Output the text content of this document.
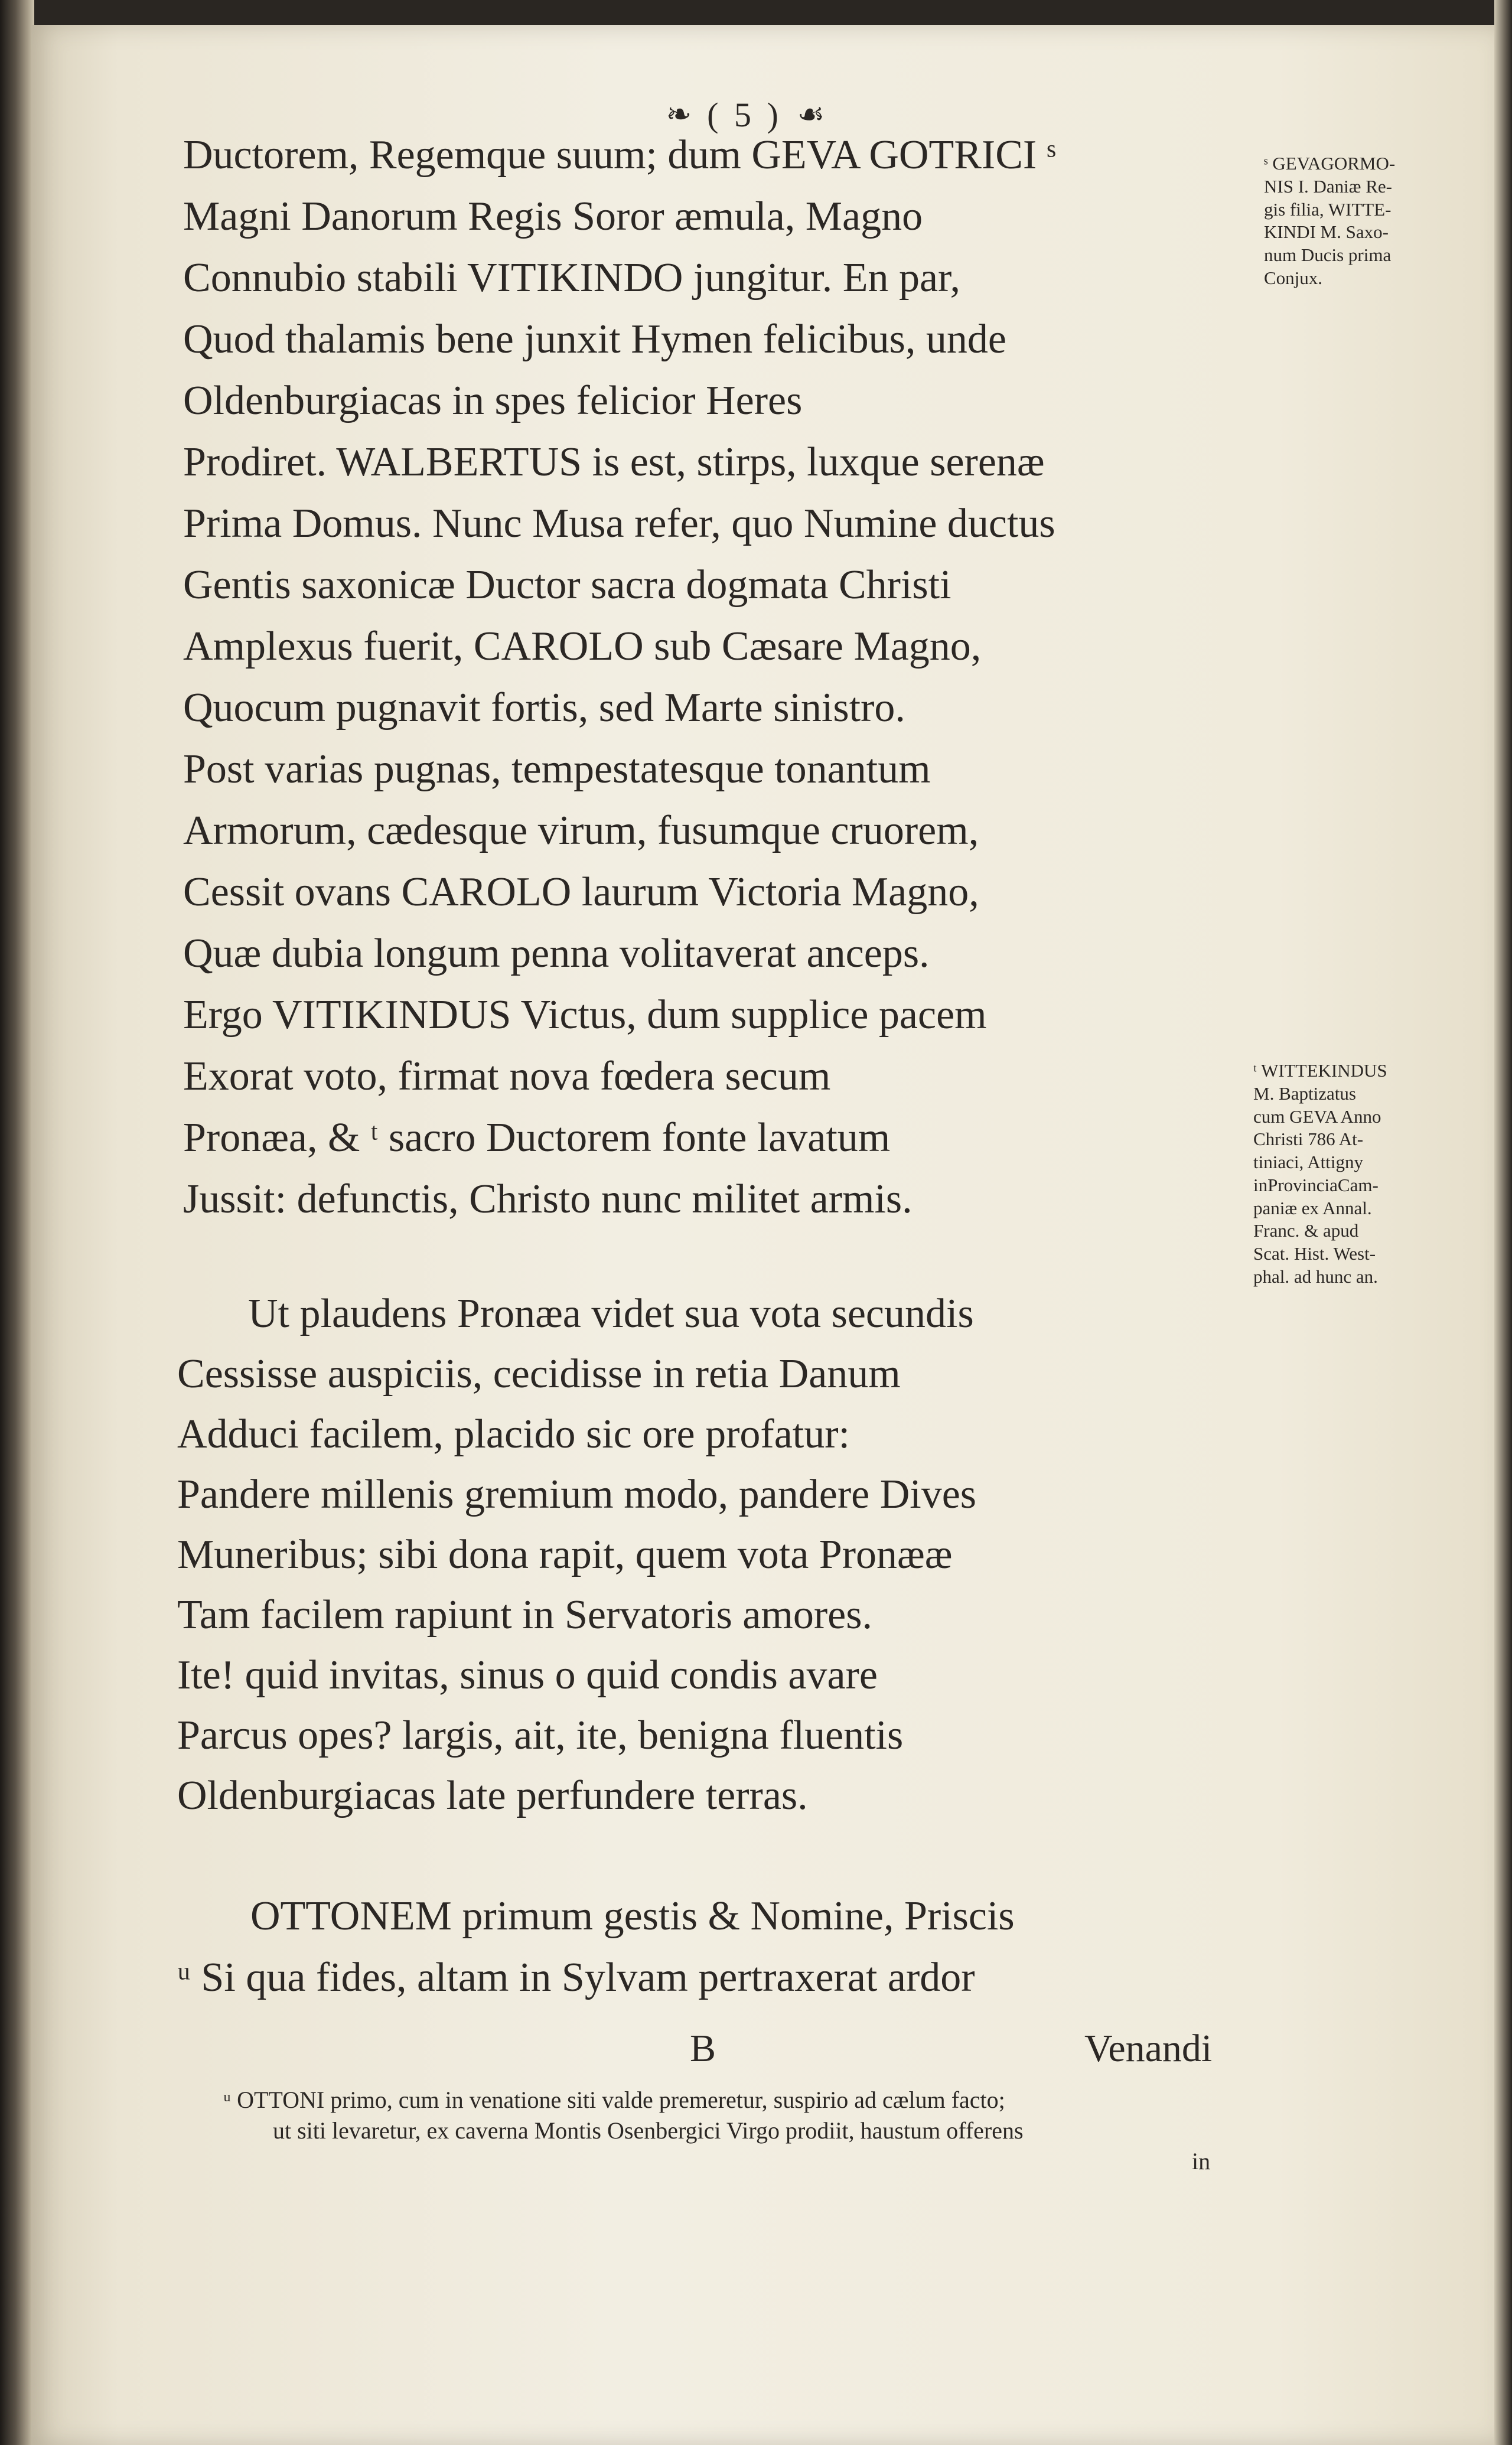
❧ ( 5 ) ☙
Ductorem, Regemque suum; dum GEVA GOTRICI ˢ
Magni Danorum Regis Soror æmula, Magno
Connubio stabili VITIKINDO jungitur. En par,
Quod thalamis bene junxit Hymen felicibus, unde
Oldenburgiacas in spes felicior Heres
Prodiret. WALBERTUS is est, stirps, luxque serenæ
Prima Domus. Nunc Musa refer, quo Numine ductus
Gentis saxonicæ Ductor sacra dogmata Christi
Amplexus fuerit, CAROLO sub Cæsare Magno,
Quocum pugnavit fortis, sed Marte sinistro.
Post varias pugnas, tempestatesque tonantum
Armorum, cædesque virum, fusumque cruorem,
Cessit ovans CAROLO laurum Victoria Magno,
Quæ dubia longum penna volitaverat anceps.
Ergo VITIKINDUS Victus, dum supplice pacem
Exorat voto, firmat nova fœdera secum
Pronæa, & ᵗ sacro Ductorem fonte lavatum
Jussit: defunctis, Christo nunc militet armis.
Ut plaudens Pronæa videt sua vota secundis
Cessisse auspiciis, cecidisse in retia Danum
Adduci facilem, placido sic ore profatur:
Pandere millenis gremium modo, pandere Dives
Muneribus; sibi dona rapit, quem vota Pronææ
Tam facilem rapiunt in Servatoris amores.
Ite! quid invitas, sinus o quid condis avare
Parcus opes? largis, ait, ite, benigna fluentis
Oldenburgiacas late perfundere terras.
OTTONEM primum gestis & Nomine, Priscis
ᵘ Si qua fides, altam in Sylvam pertraxerat ardor
ˢ GEVAGORMO-
NIS I. Daniæ Re-
gis filia, WITTE-
KINDI M. Saxo-
num Ducis prima
Conjux.
ᵗ WITTEKINDUS
M. Baptizatus
cum GEVA Anno
Christi 786 At-
tiniaci, Attigny
inProvinciaCam-
paniæ ex Annal.
Franc. & apud
Scat. Hist. West-
phal. ad hunc an.
B	Venandi
ᵘ OTTONI primo, cum in venatione siti valde premeretur, suspirio ad cælum facto;
ut siti levaretur, ex caverna Montis Osenbergici Virgo prodiit, haustum offerens
in
